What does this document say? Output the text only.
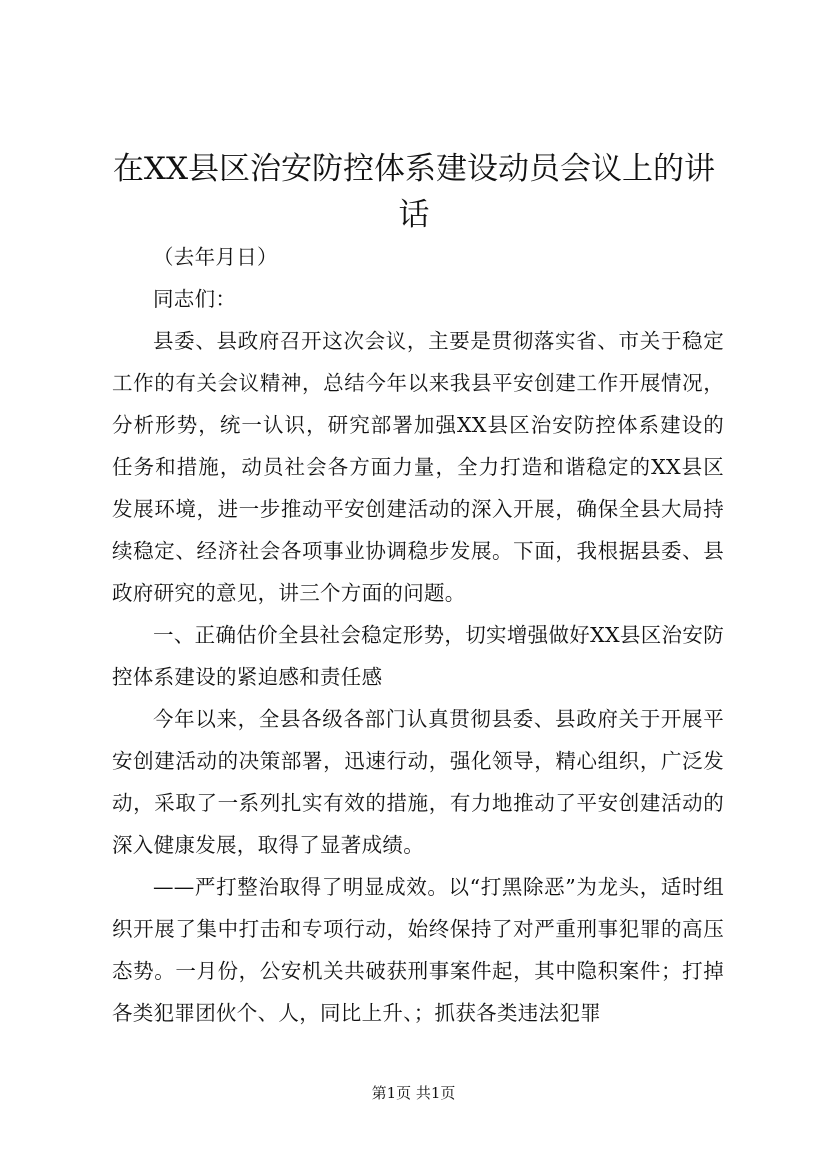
在XX县区治安防控体系建设动员会议上的讲话

（去年月日）

同志们：

县委、县政府召开这次会议，主要是贯彻落实省、市关于稳定工作的有关会议精神，总结今年以来我县平安创建工作开展情况，分析形势，统一认识，研究部署加强XX县区治安防控体系建设的任务和措施，动员社会各方面力量，全力打造和谐稳定的XX县区发展环境，进一步推动平安创建活动的深入开展，确保全县大局持续稳定、经济社会各项事业协调稳步发展。下面，我根据县委、县政府研究的意见，讲三个方面的问题。

一、正确估价全县社会稳定形势，切实增强做好XX县区治安防控体系建设的紧迫感和责任感

今年以来，全县各级各部门认真贯彻县委、县政府关于开展平安创建活动的决策部署，迅速行动，强化领导，精心组织，广泛发动，采取了一系列扎实有效的措施，有力地推动了平安创建活动的深入健康发展，取得了显著成绩。

——严打整治取得了明显成效。以“打黑除恶”为龙头，适时组织开展了集中打击和专项行动，始终保持了对严重刑事犯罪的高压态势。一月份，公安机关共破获刑事案件起，其中隐积案件；打掉各类犯罪团伙个、人，同比上升、；抓获各类违法犯罪

第1页 共1页
